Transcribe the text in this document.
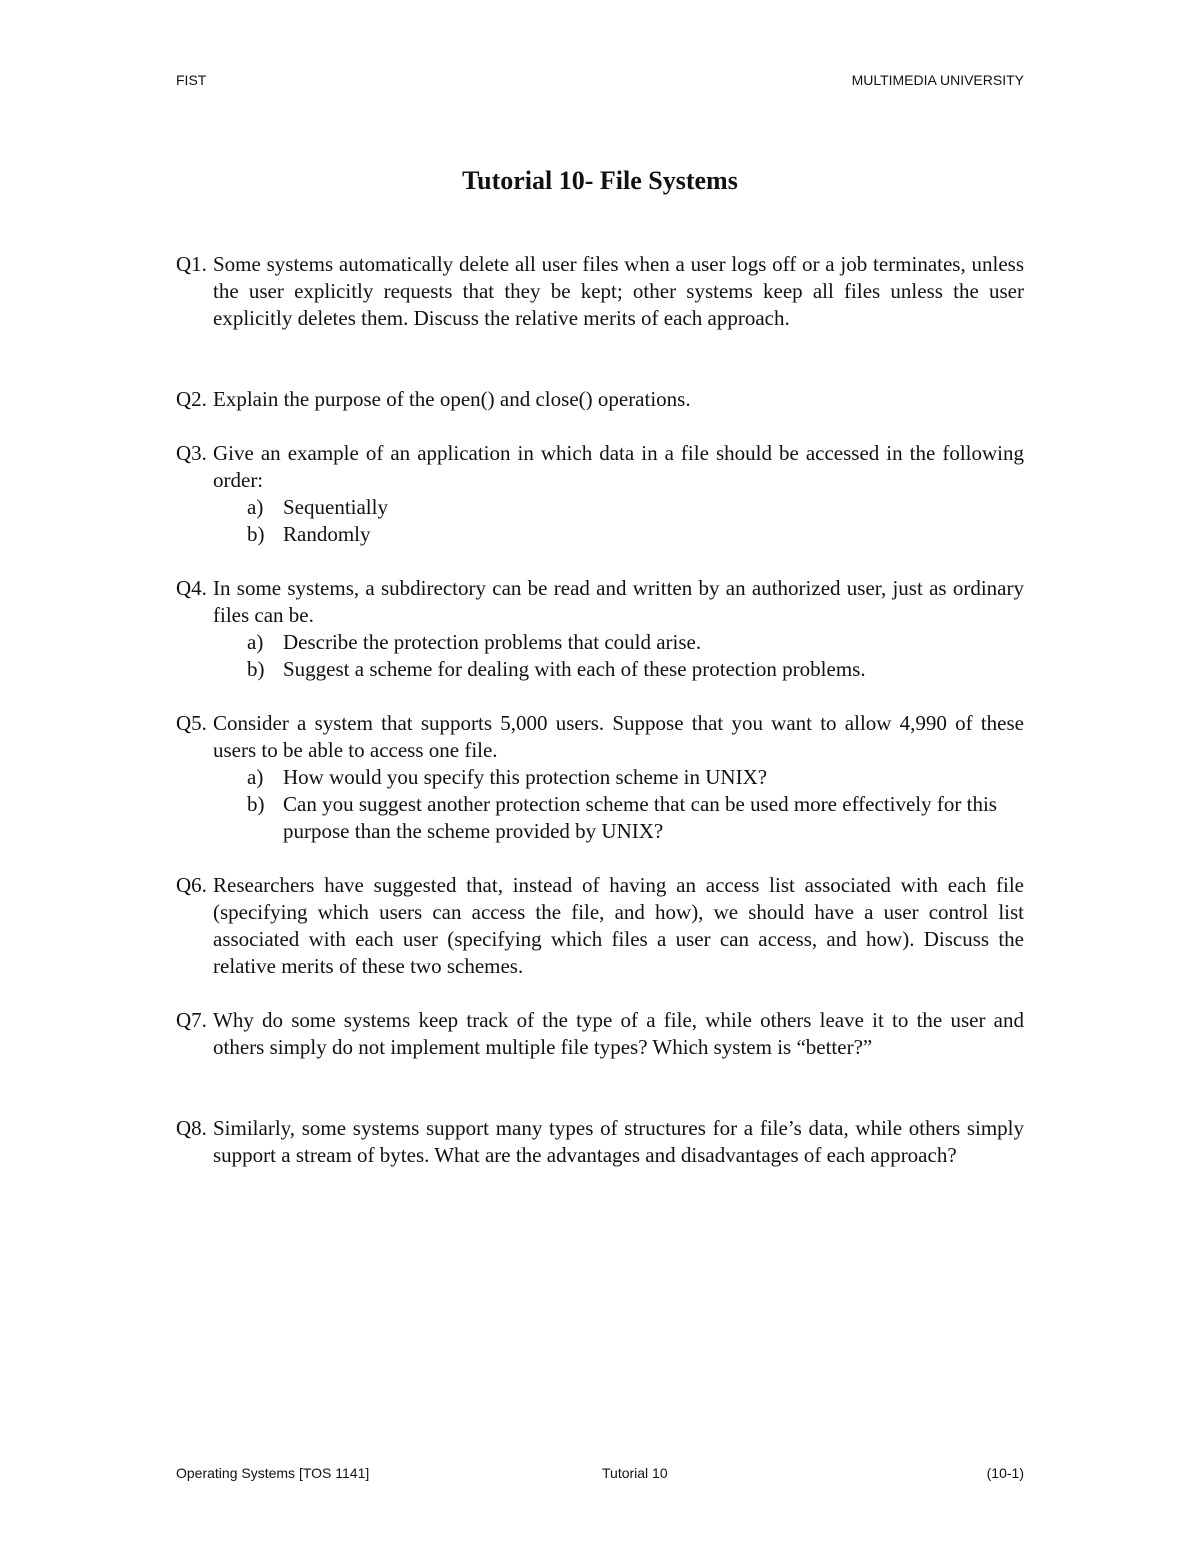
FIST	MULTIMEDIA UNIVERSITY
Tutorial 10- File Systems
Q1. Some systems automatically delete all user files when a user logs off or a job terminates, unless the user explicitly requests that they be kept; other systems keep all files unless the user explicitly deletes them. Discuss the relative merits of each approach.
Q2. Explain the purpose of the open() and close() operations.
Q3. Give an example of an application in which data in a file should be accessed in the following order:
a) Sequentially
b) Randomly
Q4. In some systems, a subdirectory can be read and written by an authorized user, just as ordinary files can be.
a) Describe the protection problems that could arise.
b) Suggest a scheme for dealing with each of these protection problems.
Q5. Consider a system that supports 5,000 users. Suppose that you want to allow 4,990 of these users to be able to access one file.
a) How would you specify this protection scheme in UNIX?
b) Can you suggest another protection scheme that can be used more effectively for this purpose than the scheme provided by UNIX?
Q6. Researchers have suggested that, instead of having an access list associated with each file (specifying which users can access the file, and how), we should have a user control list associated with each user (specifying which files a user can access, and how). Discuss the relative merits of these two schemes.
Q7. Why do some systems keep track of the type of a file, while others leave it to the user and others simply do not implement multiple file types? Which system is “better?”
Q8. Similarly, some systems support many types of structures for a file’s data, while others simply support a stream of bytes. What are the advantages and disadvantages of each approach?
Operating Systems [TOS 1141]	Tutorial 10	(10-1)
